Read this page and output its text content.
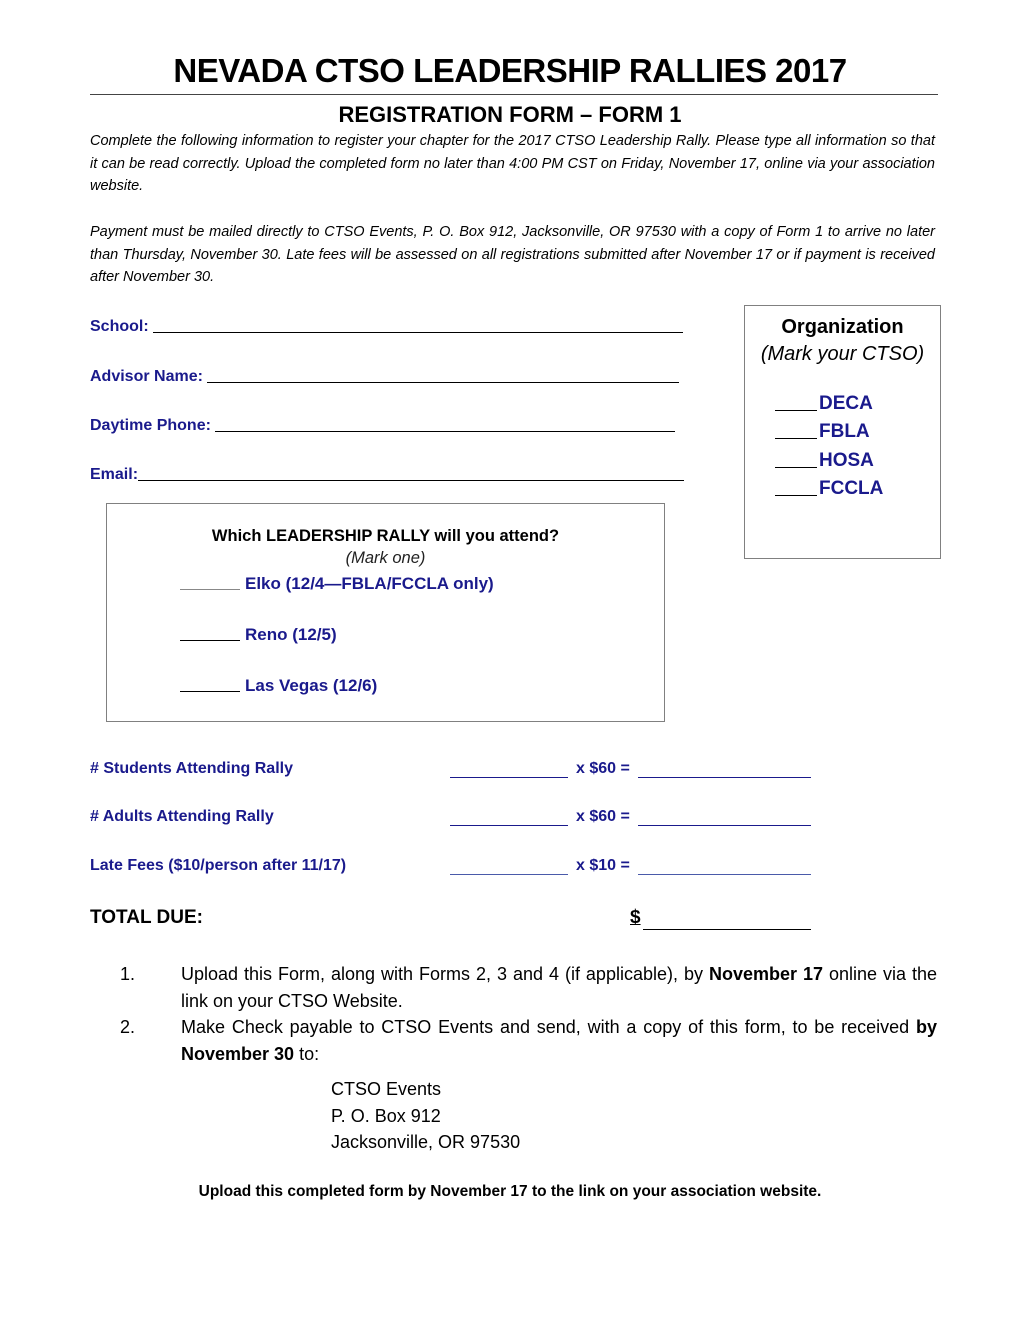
NEVADA CTSO LEADERSHIP RALLIES 2017
REGISTRATION FORM – FORM 1
Complete the following information to register your chapter for the 2017 CTSO Leadership Rally. Please type all information so that it can be read correctly. Upload the completed form no later than 4:00 PM CST on Friday, November 17, online via your association website.
Payment must be mailed directly to CTSO Events, P. O. Box 912, Jacksonville, OR 97530 with a copy of Form 1 to arrive no later than Thursday, November 30. Late fees will be assessed on all registrations submitted after November 17 or if payment is received after November 30.
School:
Advisor Name:
Daytime Phone:
Email:
Organization
(Mark your CTSO)
DECA
FBLA
HOSA
FCCLA
Which LEADERSHIP RALLY will you attend?
(Mark one)
Elko (12/4—FBLA/FCCLA only)
Reno (12/5)
Las Vegas (12/6)
# Students Attending Rally	x $60 =
# Adults Attending Rally	x $60 =
Late Fees ($10/person after 11/17)	x $10 =
TOTAL DUE:	$
1.	Upload this Form, along with Forms 2, 3 and 4 (if applicable), by November 17 online via the link on your CTSO Website.
2.	Make Check payable to CTSO Events and send, with a copy of this form, to be received by November 30 to:
CTSO Events
P. O. Box 912
Jacksonville, OR 97530
Upload this completed form by November 17 to the link on your association website.
